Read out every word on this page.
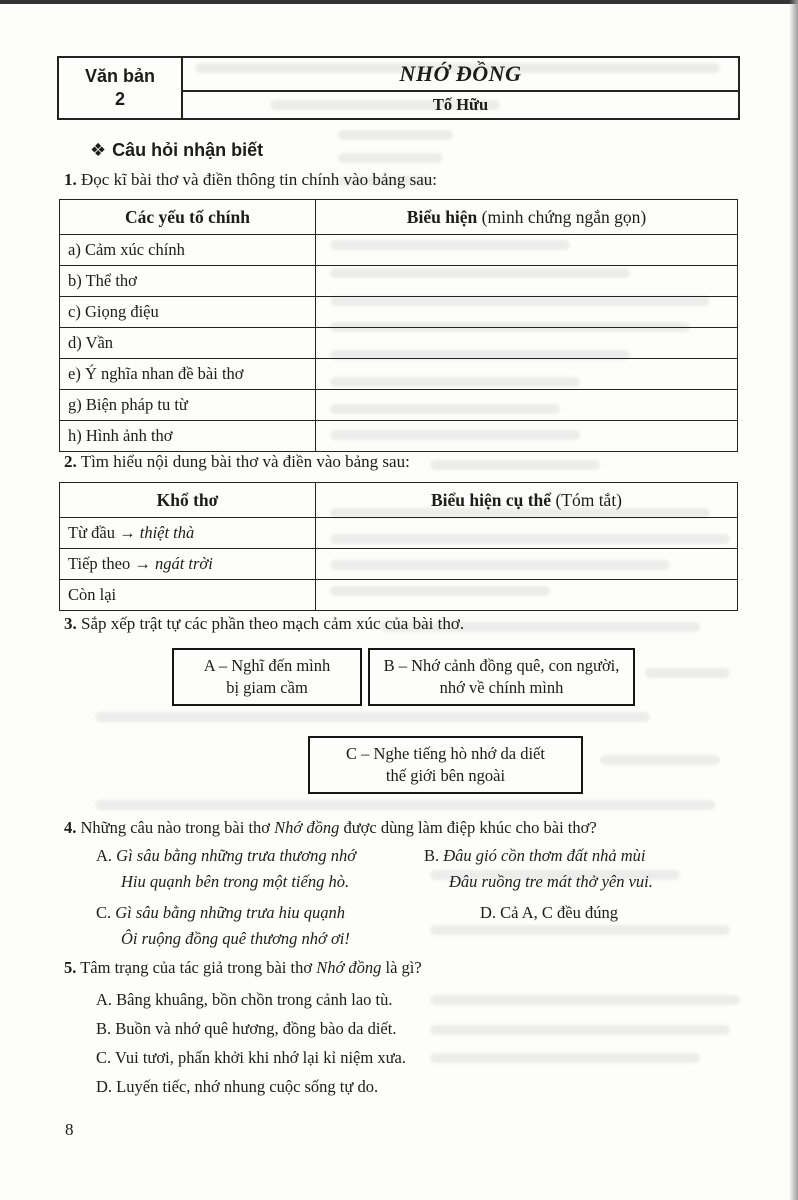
Văn bản
2
NHỚ ĐỒNG
Tố Hữu
❖ Câu hỏi nhận biết
1. Đọc kĩ bài thơ và điền thông tin chính vào bảng sau:
Các yếu tố chính	Biểu hiện (minh chứng ngắn gọn)
a) Cảm xúc chính	
b) Thể thơ	
c) Giọng điệu	
d) Vần	
e) Ý nghĩa nhan đề bài thơ	
g) Biện pháp tu từ	
h) Hình ảnh thơ	
2. Tìm hiểu nội dung bài thơ và điền vào bảng sau:
Khổ thơ	Biểu hiện cụ thể (Tóm tắt)
Từ đầu → thiệt thà	
Tiếp theo → ngát trời	
Còn lại	
3. Sắp xếp trật tự các phần theo mạch cảm xúc của bài thơ.
A – Nghĩ đến mình
bị giam cầm
B – Nhớ cảnh đồng quê, con người,
nhớ về chính mình
C – Nghe tiếng hò nhớ da diết
thế giới bên ngoài
4. Những câu nào trong bài thơ Nhớ đồng được dùng làm điệp khúc cho bài thơ?
A. Gì sâu bằng những trưa thương nhớ	B. Đâu gió cồn thơm đất nhả mùi
Hiu quạnh bên trong một tiếng hò.	Đâu ruồng tre mát thở yên vui.
C. Gì sâu bằng những trưa hiu quạnh	D. Cả A, C đều đúng
Ôi ruộng đồng quê thương nhớ ơi!
5. Tâm trạng của tác giả trong bài thơ Nhớ đồng là gì?
A. Bâng khuâng, bồn chồn trong cảnh lao tù.
B. Buồn và nhớ quê hương, đồng bào da diết.
C. Vui tươi, phấn khởi khi nhớ lại kỉ niệm xưa.
D. Luyến tiếc, nhớ nhung cuộc sống tự do.
8
